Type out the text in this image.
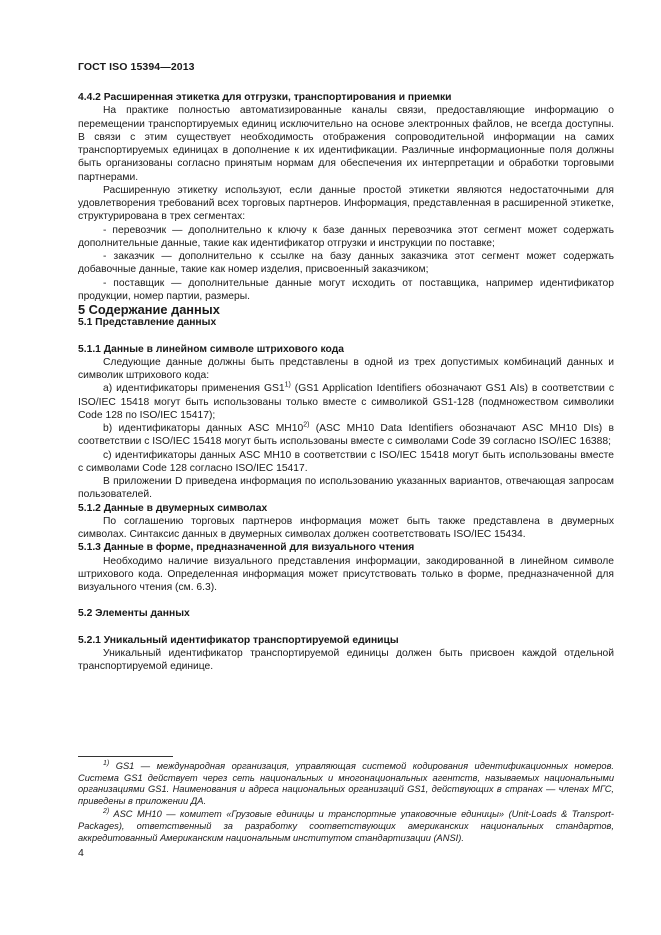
ГОСТ ISO 15394—2013

4.4.2 Расширенная этикетка для отгрузки, транспортирования и приемки

На практике полностью автоматизированные каналы связи, предоставляющие информацию о перемещении транспортируемых единиц исключительно на основе электронных файлов, не всегда доступны. В связи с этим существует необходимость отображения сопроводительной информации на самих транспортируемых единицах в дополнение к их идентификации. Различные информационные поля должны быть организованы согласно принятым нормам для обеспечения их интерпретации и обработки торговыми партнерами.

Расширенную этикетку используют, если данные простой этикетки являются недостаточными для удовлетворения требований всех торговых партнеров. Информация, представленная в расширенной этикетке, структурирована в трех сегментах:

- перевозчик — дополнительно к ключу к базе данных перевозчика этот сегмент может содержать дополнительные данные, такие как идентификатор отгрузки и инструкции по поставке;

- заказчик — дополнительно к ссылке на базу данных заказчика этот сегмент может содержать добавочные данные, такие как номер изделия, присвоенный заказчиком;

- поставщик — дополнительные данные могут исходить от поставщика, например идентификатор продукции, номер партии, размеры.

5 Содержание данных

5.1 Представление данных

5.1.1 Данные в линейном символе штрихового кода

Следующие данные должны быть представлены в одной из трех допустимых комбинаций данных и символик штрихового кода:

а) идентификаторы применения GS1$^{1)}$ (GS1 Application Identifiers обозначают GS1 AIs) в соответствии с ISO/IEC 15418 могут быть использованы только вместе с символикой GS1-128 (подмножеством символики Code 128 по ISO/IEC 15417);

b) идентификаторы данных ASC MH10$^{2)}$ (ASC MH10 Data Identifiers обозначают ASC MH10 DIs) в соответствии с ISO/IEC 15418 могут быть использованы вместе с символами Code 39 согласно ISO/IEC 16388;

c) идентификаторы данных ASC MH10 в соответствии с ISO/IEC 15418 могут быть использованы вместе с символами Code 128 согласно ISO/IEC 15417.

В приложении D приведена информация по использованию указанных вариантов, отвечающая запросам пользователей.

5.1.2 Данные в двумерных символах

По соглашению торговых партнеров информация может быть также представлена в двумерных символах. Синтаксис данных в двумерных символах должен соответствовать ISO/IEC 15434.

5.1.3 Данные в форме, предназначенной для визуального чтения

Необходимо наличие визуального представления информации, закодированной в линейном символе штрихового кода. Определенная информация может присутствовать только в форме, предназначенной для визуального чтения (см. 6.3).

5.2 Элементы данных

5.2.1 Уникальный идентификатор транспортируемой единицы

Уникальный идентификатор транспортируемой единицы должен быть присвоен каждой отдельной транспортируемой единице.

$^{1)}$ GS1 — международная организация, управляющая системой кодирования идентификационных номеров. Система GS1 действует через сеть национальных и многонациональных агентств, называемых национальными организациями GS1. Наименования и адреса национальных организаций GS1, действующих в странах — членах МГС, приведены в приложении ДА.

$^{2)}$ ASC MH10 — комитет «Грузовые единицы и транспортные упаковочные единицы» (Unit-Loads & Transport-Packages), ответственный за разработку соответствующих американских национальных стандартов, аккредитованный Американским национальным институтом стандартизации (ANSI).

4
